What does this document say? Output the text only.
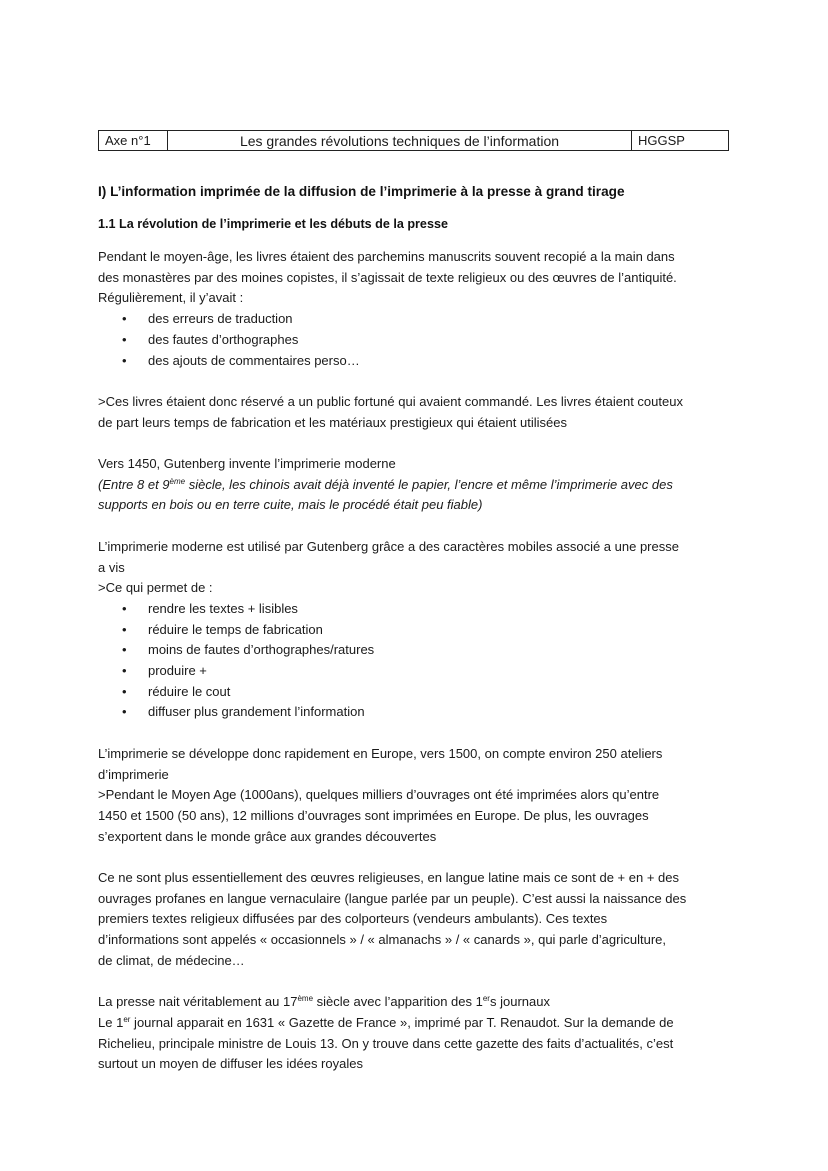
Axe n°1	Les grandes révolutions techniques de l’information	HGGSP
I) L’information imprimée de la diffusion de l’imprimerie à la presse à grand tirage
1.1 La révolution de l’imprimerie et les débuts de la presse

Pendant le moyen-âge, les livres étaient des parchemins manuscrits souvent recopié a la main dans

des monastères par des moines copistes, il s’agissait de texte religieux ou des œuvres de l’antiquité.

Régulièrement, il y’avait :

• des erreurs de traduction
• des fautes d’orthographes
• des ajouts de commentaires perso…

>Ces livres étaient donc réservé a un public fortuné qui avaient commandé. Les livres étaient couteux

de part leurs temps de fabrication et les matériaux prestigieux qui étaient utilisées

Vers 1450, Gutenberg invente l’imprimerie moderne

(Entre 8 et 9ème siècle, les chinois avait déjà inventé le papier, l’encre et même l’imprimerie avec des

supports en bois ou en terre cuite, mais le procédé était peu fiable)

L’imprimerie moderne est utilisé par Gutenberg grâce a des caractères mobiles associé a une presse

a vis

>Ce qui permet de :

• rendre les textes + lisibles
• réduire le temps de fabrication
• moins de fautes d’orthographes/ratures
• produire +
• réduire le cout
• diffuser plus grandement l’information

L’imprimerie se développe donc rapidement en Europe, vers 1500, on compte environ 250 ateliers

d’imprimerie

>Pendant le Moyen Age (1000ans), quelques milliers d’ouvrages ont été imprimées alors qu’entre

1450 et 1500 (50 ans), 12 millions d’ouvrages sont imprimées en Europe. De plus, les ouvrages

s’exportent dans le monde grâce aux grandes découvertes

Ce ne sont plus essentiellement des œuvres religieuses, en langue latine mais ce sont de + en + des

ouvrages profanes en langue vernaculaire (langue parlée par un peuple). C’est aussi la naissance des

premiers textes religieux diffusées par des colporteurs (vendeurs ambulants). Ces textes

d’informations sont appelés « occasionnels » / « almanachs » / « canards », qui parle d’agriculture,

de climat, de médecine…

La presse nait véritablement au 17ème siècle avec l’apparition des 1ers journaux

Le 1er journal apparait en 1631 « Gazette de France », imprimé par T. Renaudot. Sur la demande de

Richelieu, principale ministre de Louis 13. On y trouve dans cette gazette des faits d’actualités, c’est

surtout un moyen de diffuser les idées royales
